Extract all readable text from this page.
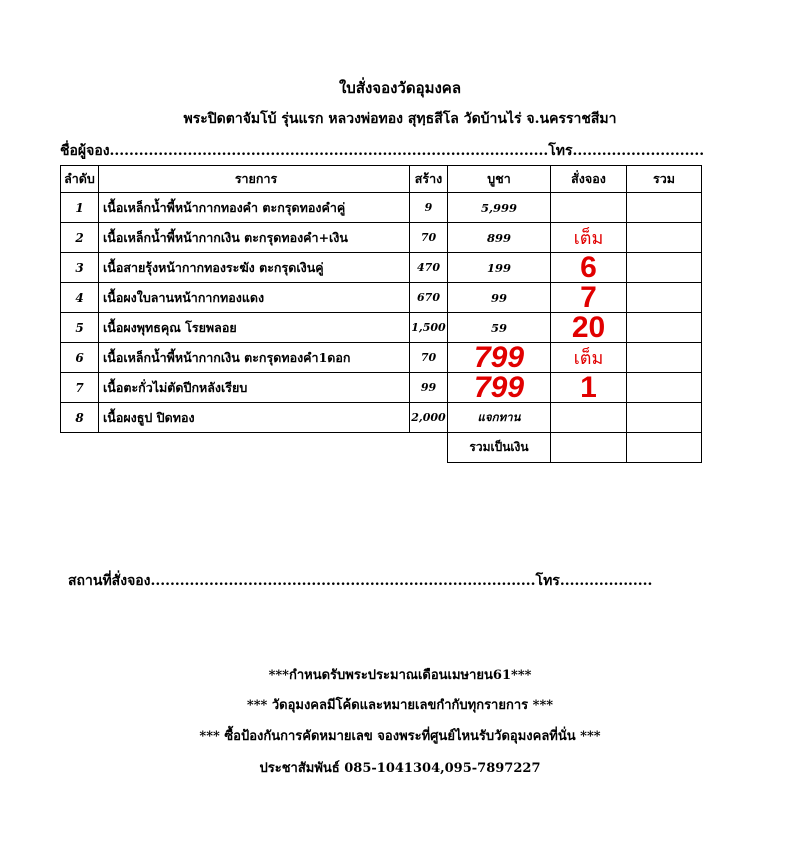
ใบสั่งจองวัดอุมงคล
พระปิดตาจัมโบ้ รุ่นแรก หลวงพ่อทอง สุทฺธสีโล วัดบ้านไร่ จ.นครราชสีมา
ชื่อผู้จอง..........................................................................................โทร...........................
ลำดับ	รายการ	สร้าง	บูชา	สั่งจอง	รวม
1	เนื้อเหล็กน้ำพี้หน้ากากทองคำ ตะกรุดทองคำคู่	9	5,999		
2	เนื้อเหล็กน้ำพี้หน้ากากเงิน ตะกรุดทองคำ+เงิน	70	899	เต็ม	
3	เนื้อสายรุ้งหน้ากากทองระฆัง ตะกรุดเงินคู่	470	199	6	
4	เนื้อผงใบลานหน้ากากทองแดง	670	99	7	
5	เนื้อผงพุทธคุณ โรยพลอย	1,500	59	20	
6	เนื้อเหล็กน้ำพี้หน้ากากเงิน ตะกรุดทองคำ1ดอก	70	799	เต็ม	
7	เนื้อตะกั่วไม่ตัดปีกหลังเรียบ	99	799	1	
8	เนื้อผงธูป ปิดทอง	2,000	แจกทาน		
			รวมเป็นเงิน		
สถานที่สั่งจอง...............................................................................โทร...................
***กำหนดรับพระประมาณเดือนเมษายน61***
*** วัดอุมงคลมีโค้ดและหมายเลขกำกับทุกรายการ ***
*** ซื้อป้องกันการคัดหมายเลข จองพระที่ศูนย์ไหนรับวัดอุมงคลที่นั่น ***
ประชาสัมพันธ์ 085-1041304,095-7897227
